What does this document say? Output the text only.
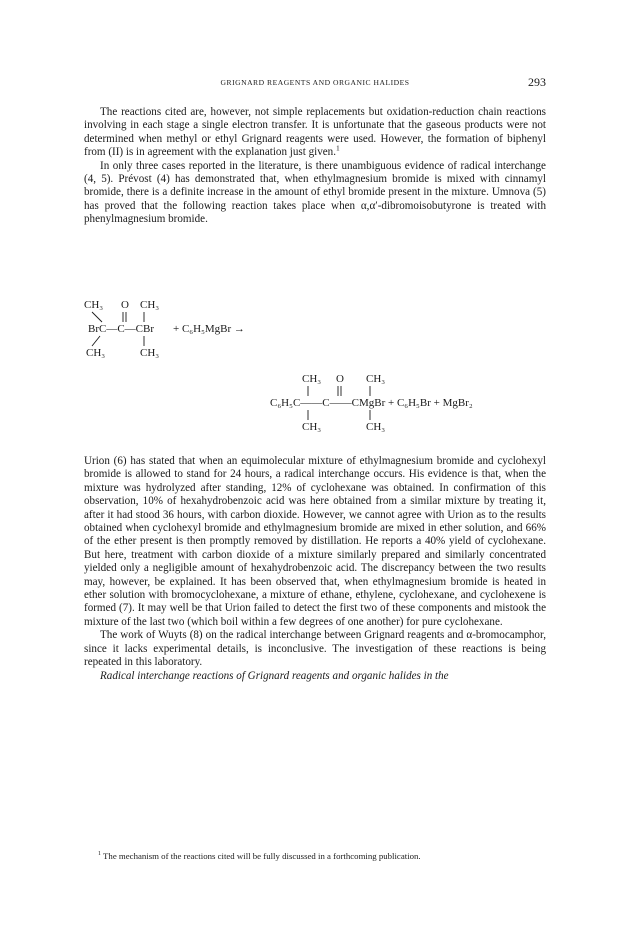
GRIGNARD REAGENTS AND ORGANIC HALIDES	293

The reactions cited are, however, not simple replacements but oxidation-reduction chain reactions involving in each stage a single electron transfer. It is unfortunate that the gaseous products were not determined when methyl or ethyl Grignard reagents were used. However, the formation of biphenyl from (II) is in agreement with the explanation just given.$^1$

In only three cases reported in the literature, is there unambiguous evidence of radical interchange (4, 5). Prévost (4) has demonstrated that, when ethylmagnesium bromide is mixed with cinnamyl bromide, there is a definite increase in the amount of ethyl bromide present in the mixture. Umnova (5) has proved that the following reaction takes place when α,α′-dibromoisobutyrone is treated with phenylmagnesium bromide.

CH₃ O CH₃
BrC—C—CBr + C₆H₅MgBr →
CH₃	CH₃
CH₃ O CH₃
C₆H₅C——C——CMgBr + C₆H₅Br + MgBr₂
CH₃	CH₃

Urion (6) has stated that when an equimolecular mixture of ethylmagnesium bromide and cyclohexyl bromide is allowed to stand for 24 hours, a radical interchange occurs. His evidence is that, when the mixture was hydrolyzed after standing, 12% of cyclohexane was obtained. In confirmation of this observation, 10% of hexahydrobenzoic acid was here obtained from a similar mixture by treating it, after it had stood 36 hours, with carbon dioxide. However, we cannot agree with Urion as to the results obtained when cyclohexyl bromide and ethylmagnesium bromide are mixed in ether solution, and 66% of the ether present is then promptly removed by distillation. He reports a 40% yield of cyclohexane. But here, treatment with carbon dioxide of a mixture similarly prepared and similarly concentrated yielded only a negligible amount of hexahydrobenzoic acid. The discrepancy between the two results may, however, be explained. It has been observed that, when ethylmagnesium bromide is heated in ether solution with bromocyclohexane, a mixture of ethane, ethylene, cyclohexane, and cyclohexene is formed (7). It may well be that Urion failed to detect the first two of these components and mistook the mixture of the last two (which boil within a few degrees of one another) for pure cyclohexane.

The work of Wuyts (8) on the radical interchange between Grignard reagents and α-bromocamphor, since it lacks experimental details, is inconclusive. The investigation of these reactions is being repeated in this laboratory.

Radical interchange reactions of Grignard reagents and organic halides in the

$^1$ The mechanism of the reactions cited will be fully discussed in a forthcoming publication.
